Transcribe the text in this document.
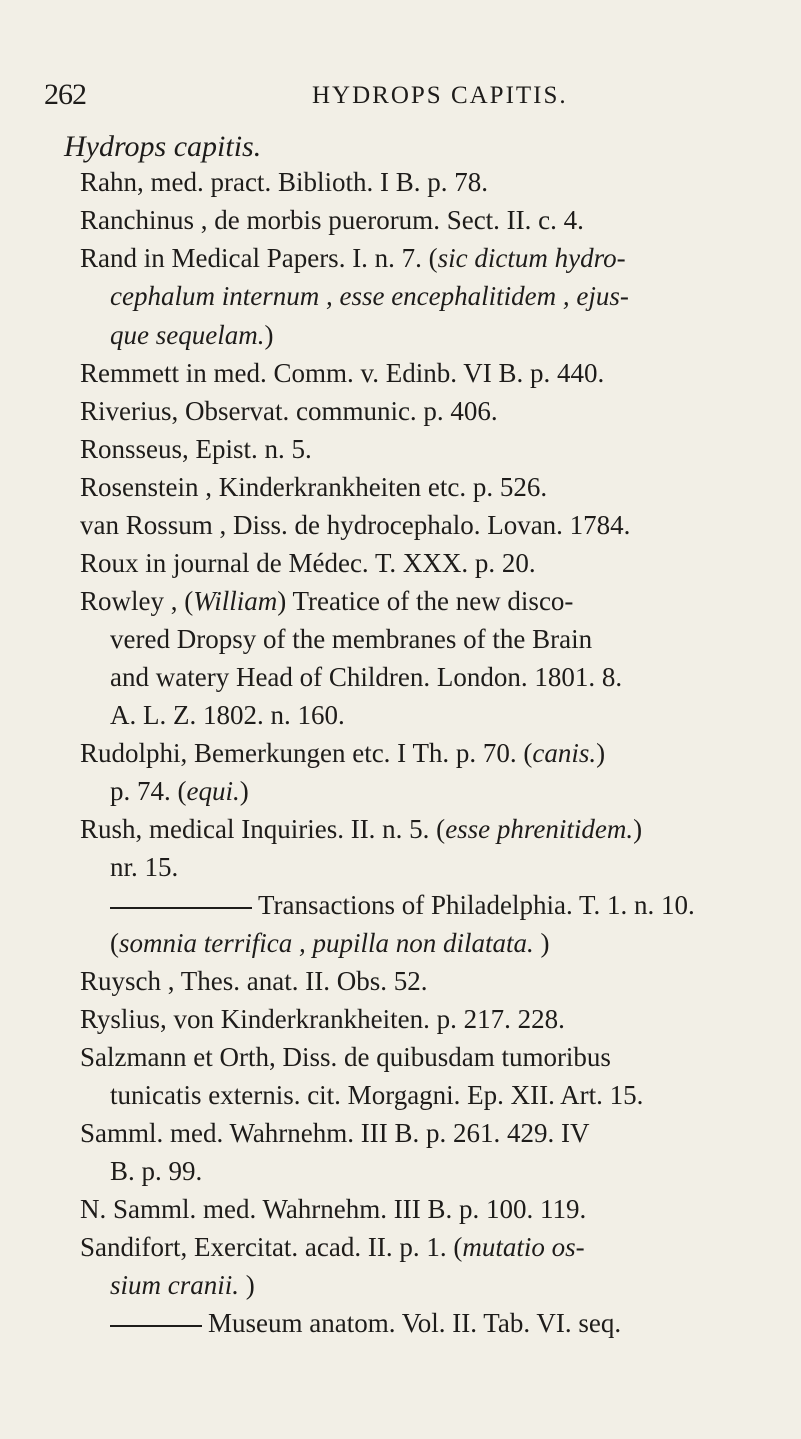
262	HYDROPS CAPITIS.
Hydrops capitis.
Rahn, med. pract. Biblioth. I B. p. 78.
Ranchinus , de morbis puerorum. Sect. II. c. 4.
Rand in Medical Papers. I. n. 7. (sic dictum hydro-
cephalum internum , esse encephalitidem , ejus-
que sequelam.)
Remmett in med. Comm. v. Edinb. VI B. p. 440.
Riverius, Observat. communic. p. 406.
Ronsseus, Epist. n. 5.
Rosenstein , Kinderkrankheiten etc. p. 526.
van Rossum , Diss. de hydrocephalo. Lovan. 1784.
Roux in journal de Médec. T. XXX. p. 20.
Rowley , (William) Treatice of the new disco-
vered Dropsy of the membranes of the Brain
and watery Head of Children. London. 1801. 8.
A. L. Z. 1802. n. 160.
Rudolphi, Bemerkungen etc. I Th. p. 70. (canis.)
p. 74. (equi.)
Rush, medical Inquiries. II. n. 5. (esse phrenitidem.)
nr. 15.
Transactions of Philadelphia. T. 1. n. 10.
(somnia terrifica , pupilla non dilatata. )
Ruysch , Thes. anat. II. Obs. 52.
Ryslius, von Kinderkrankheiten. p. 217. 228.
Salzmann et Orth, Diss. de quibusdam tumoribus
tunicatis externis. cit. Morgagni. Ep. XII. Art. 15.
Samml. med. Wahrnehm. III B. p. 261. 429. IV
B. p. 99.
N. Samml. med. Wahrnehm. III B. p. 100. 119.
Sandifort, Exercitat. acad. II. p. 1. (mutatio os-
sium cranii. )
Museum anatom. Vol. II. Tab. VI. seq.
